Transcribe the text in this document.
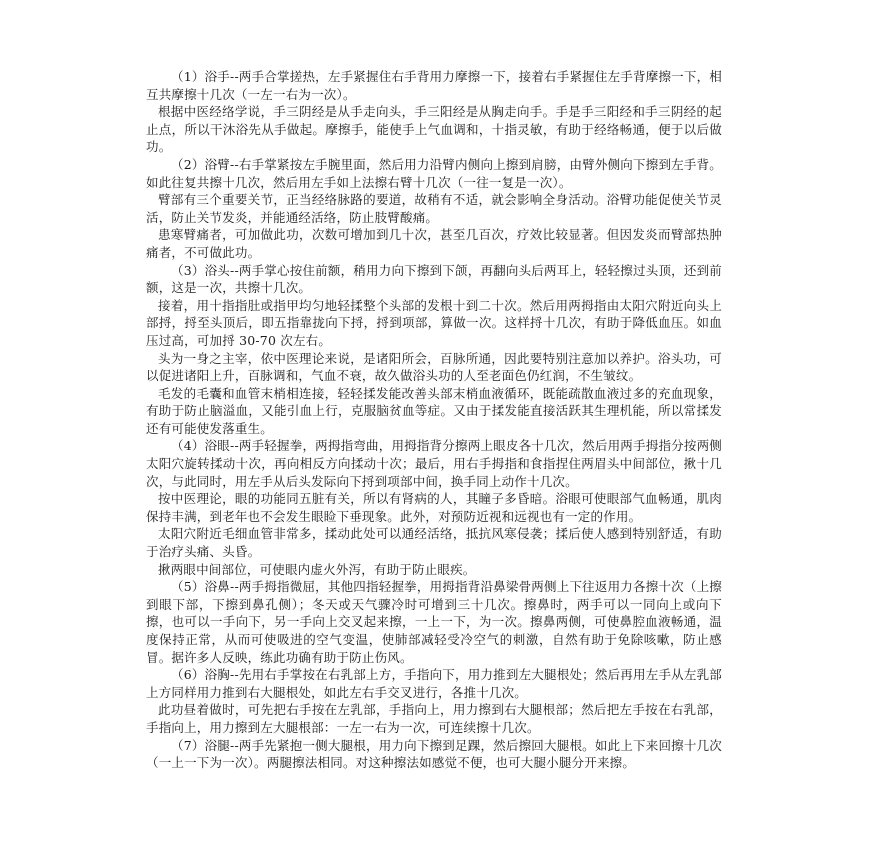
（1）浴手--两手合掌搓热，左手紧握住右手背用力摩擦一下，接着右手紧握住左手背摩擦一下，相互共摩擦十几次（一左一右为一次）。

根据中医经络学说，手三阴经是从手走向头，手三阳经是从胸走向手。手是手三阳经和手三阴经的起止点，所以干沐浴先从手做起。摩擦手，能使手上气血调和，十指灵敏，有助于经络畅通，便于以后做功。

（2）浴臂--右手掌紧按左手腕里面，然后用力沿臂内侧向上擦到肩膀，由臂外侧向下擦到左手背。如此往复共擦十几次，然后用左手如上法擦右臂十几次（一往一复是一次）。

臂部有三个重要关节，正当经络脉路的要道，故稍有不适，就会影响全身活动。浴臂功能促使关节灵活，防止关节发炎，并能通经活络，防止肢臂酸痛。

患寒臂痛者，可加做此功，次数可增加到几十次，甚至几百次，疗效比较显著。但因发炎而臂部热肿痛者，不可做此功。

（3）浴头--两手掌心按住前额，稍用力向下擦到下颌，再翻向头后两耳上，轻轻擦过头顶，还到前额，这是一次，共擦十几次。

接着，用十指指肚或指甲均匀地轻揉整个头部的发根十到二十次。然后用两拇指由太阳穴附近向头上部捋，捋至头顶后，即五指靠拢向下捋，捋到项部，算做一次。这样捋十几次，有助于降低血压。如血压过高，可加捋 30-70 次左右。

头为一身之主宰，依中医理论来说，是诸阳所会，百脉所通，因此要特别注意加以养护。浴头功，可以促进诸阳上升，百脉调和，气血不衰，故久做浴头功的人至老面色仍红润，不生皱纹。

毛发的毛囊和血管末梢相连接，轻轻揉发能改善头部末梢血液循环，既能疏散血液过多的充血现象，有助于防止脑溢血，又能引血上行，克服脑贫血等症。又由于揉发能直接活跃其生理机能，所以常揉发还有可能使发落重生。

（4）浴眼--两手轻握拳，两拇指弯曲，用拇指背分擦两上眼皮各十几次，然后用两手拇指分按两侧太阳穴旋转揉动十次，再向相反方向揉动十次；最后，用右手拇指和食指捏住两眉头中间部位，揪十几次，与此同时，用左手从后头发际向下捋到项部中间，换手同上动作十几次。

按中医理论，眼的功能同五脏有关，所以有肾病的人，其瞳子多昏暗。浴眼可使眼部气血畅通，肌肉保持丰满，到老年也不会发生眼睑下垂现象。此外，对预防近视和远视也有一定的作用。

太阳穴附近毛细血管非常多，揉动此处可以通经活络，抵抗风寒侵袭；揉后使人感到特别舒适，有助于治疗头痛、头昏。

揪两眼中间部位，可使眼内虚火外泻，有助于防止眼疾。

（5）浴鼻--两手拇指微屈，其他四指轻握拳，用拇指背沿鼻梁骨两侧上下往返用力各擦十次（上擦到眼下部，下擦到鼻孔侧）；冬天或天气骤冷时可增到三十几次。擦鼻时，两手可以一同向上或向下擦，也可以一手向下，另一手向上交叉起来擦，一上一下，为一次。擦鼻两侧，可使鼻腔血液畅通，温度保持正常，从而可使吸进的空气变温，使肺部减轻受冷空气的刺激，自然有助于免除咳嗽，防止感冒。据许多人反映，练此功确有助于防止伤风。

（6）浴胸--先用右手掌按在右乳部上方，手指向下，用力推到左大腿根处；然后再用左手从左乳部上方同样用力推到右大腿根处，如此左右手交叉进行，各推十几次。

此功昼着做时，可先把右手按在左乳部，手指向上，用力擦到右大腿根部；然后把左手按在右乳部，手指向上，用力擦到左大腿根部：一左一右为一次，可连续擦十几次。

（7）浴腿--两手先紧抱一侧大腿根，用力向下擦到足踝，然后擦回大腿根。如此上下来回擦十几次（一上一下为一次）。两腿擦法相同。对这种擦法如感觉不便，也可大腿小腿分开来擦。
